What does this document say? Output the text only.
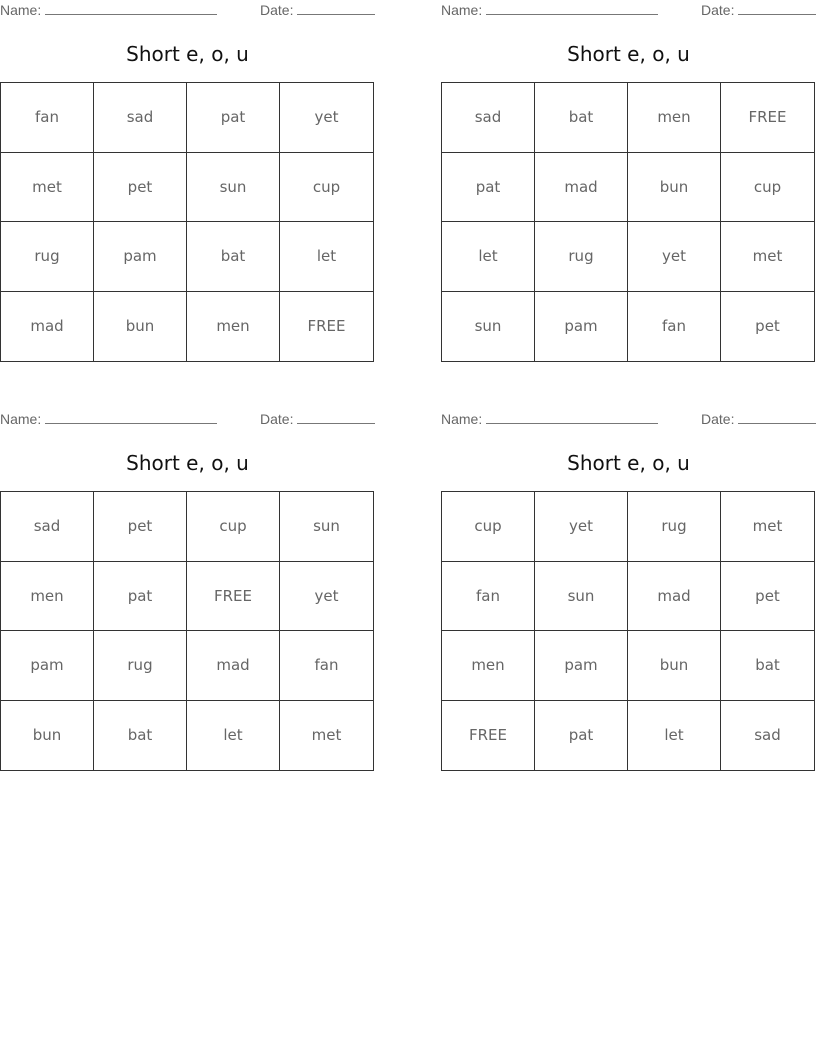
Name:	Date:
Short e, o, u
fan	sad	pat	yet
met	pet	sun	cup
rug	pam	bat	let
mad	bun	men	FREE
Name:	Date:
Short e, o, u
sad	bat	men	FREE
pat	mad	bun	cup
let	rug	yet	met
sun	pam	fan	pet
Name:	Date:
Short e, o, u
sad	pet	cup	sun
men	pat	FREE	yet
pam	rug	mad	fan
bun	bat	let	met
Name:	Date:
Short e, o, u
cup	yet	rug	met
fan	sun	mad	pet
men	pam	bun	bat
FREE	pat	let	sad
